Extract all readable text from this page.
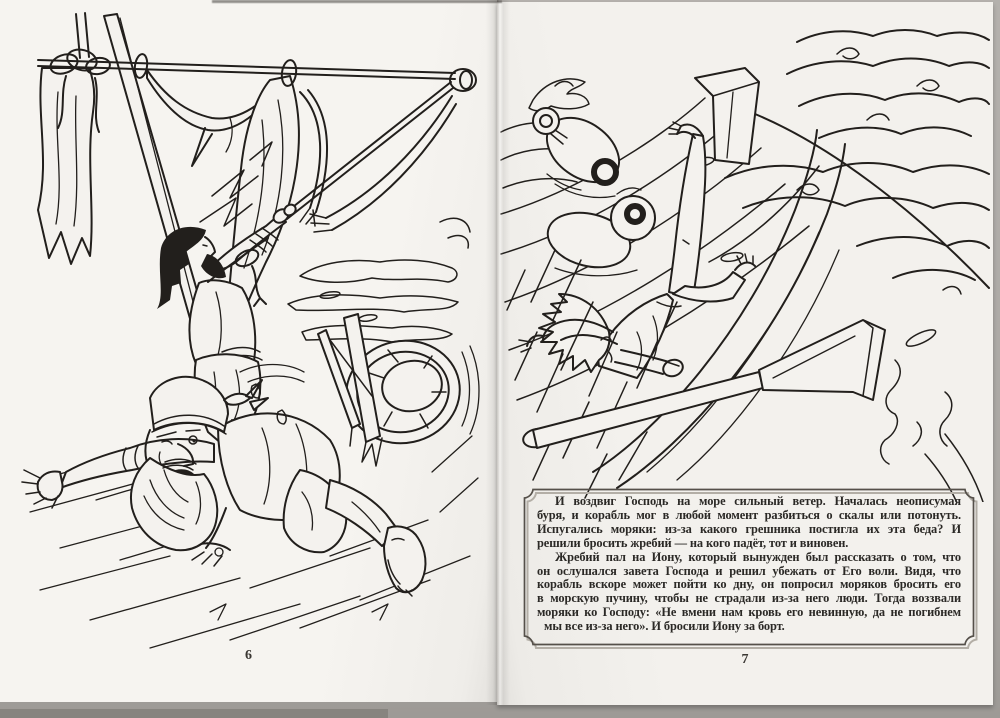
6
И воздвиг Господь на море сильный ветер. Началась неописумая
буря, и корабль мог в любой момент разбиться о скалы или потонуть.
Испугались моряки: из-за какого грешника постигла их эта беда? И
решили бросить жребий — на кого падёт, тот и виновен.
Жребий пал на Иону, который вынужден был рассказать о том, что
он ослушался завета Господа и решил убежать от Его воли. Видя, что
корабль вскоре может пойти ко дну, он попросил моряков бросить его
в морскую пучину, чтобы не страдали из-за него люди. Тогда воззвали
моряки ко Господу: «Не вмени нам кровь его невинную, да не погибнем
мы все из-за него». И бросили Иону за борт.
7
